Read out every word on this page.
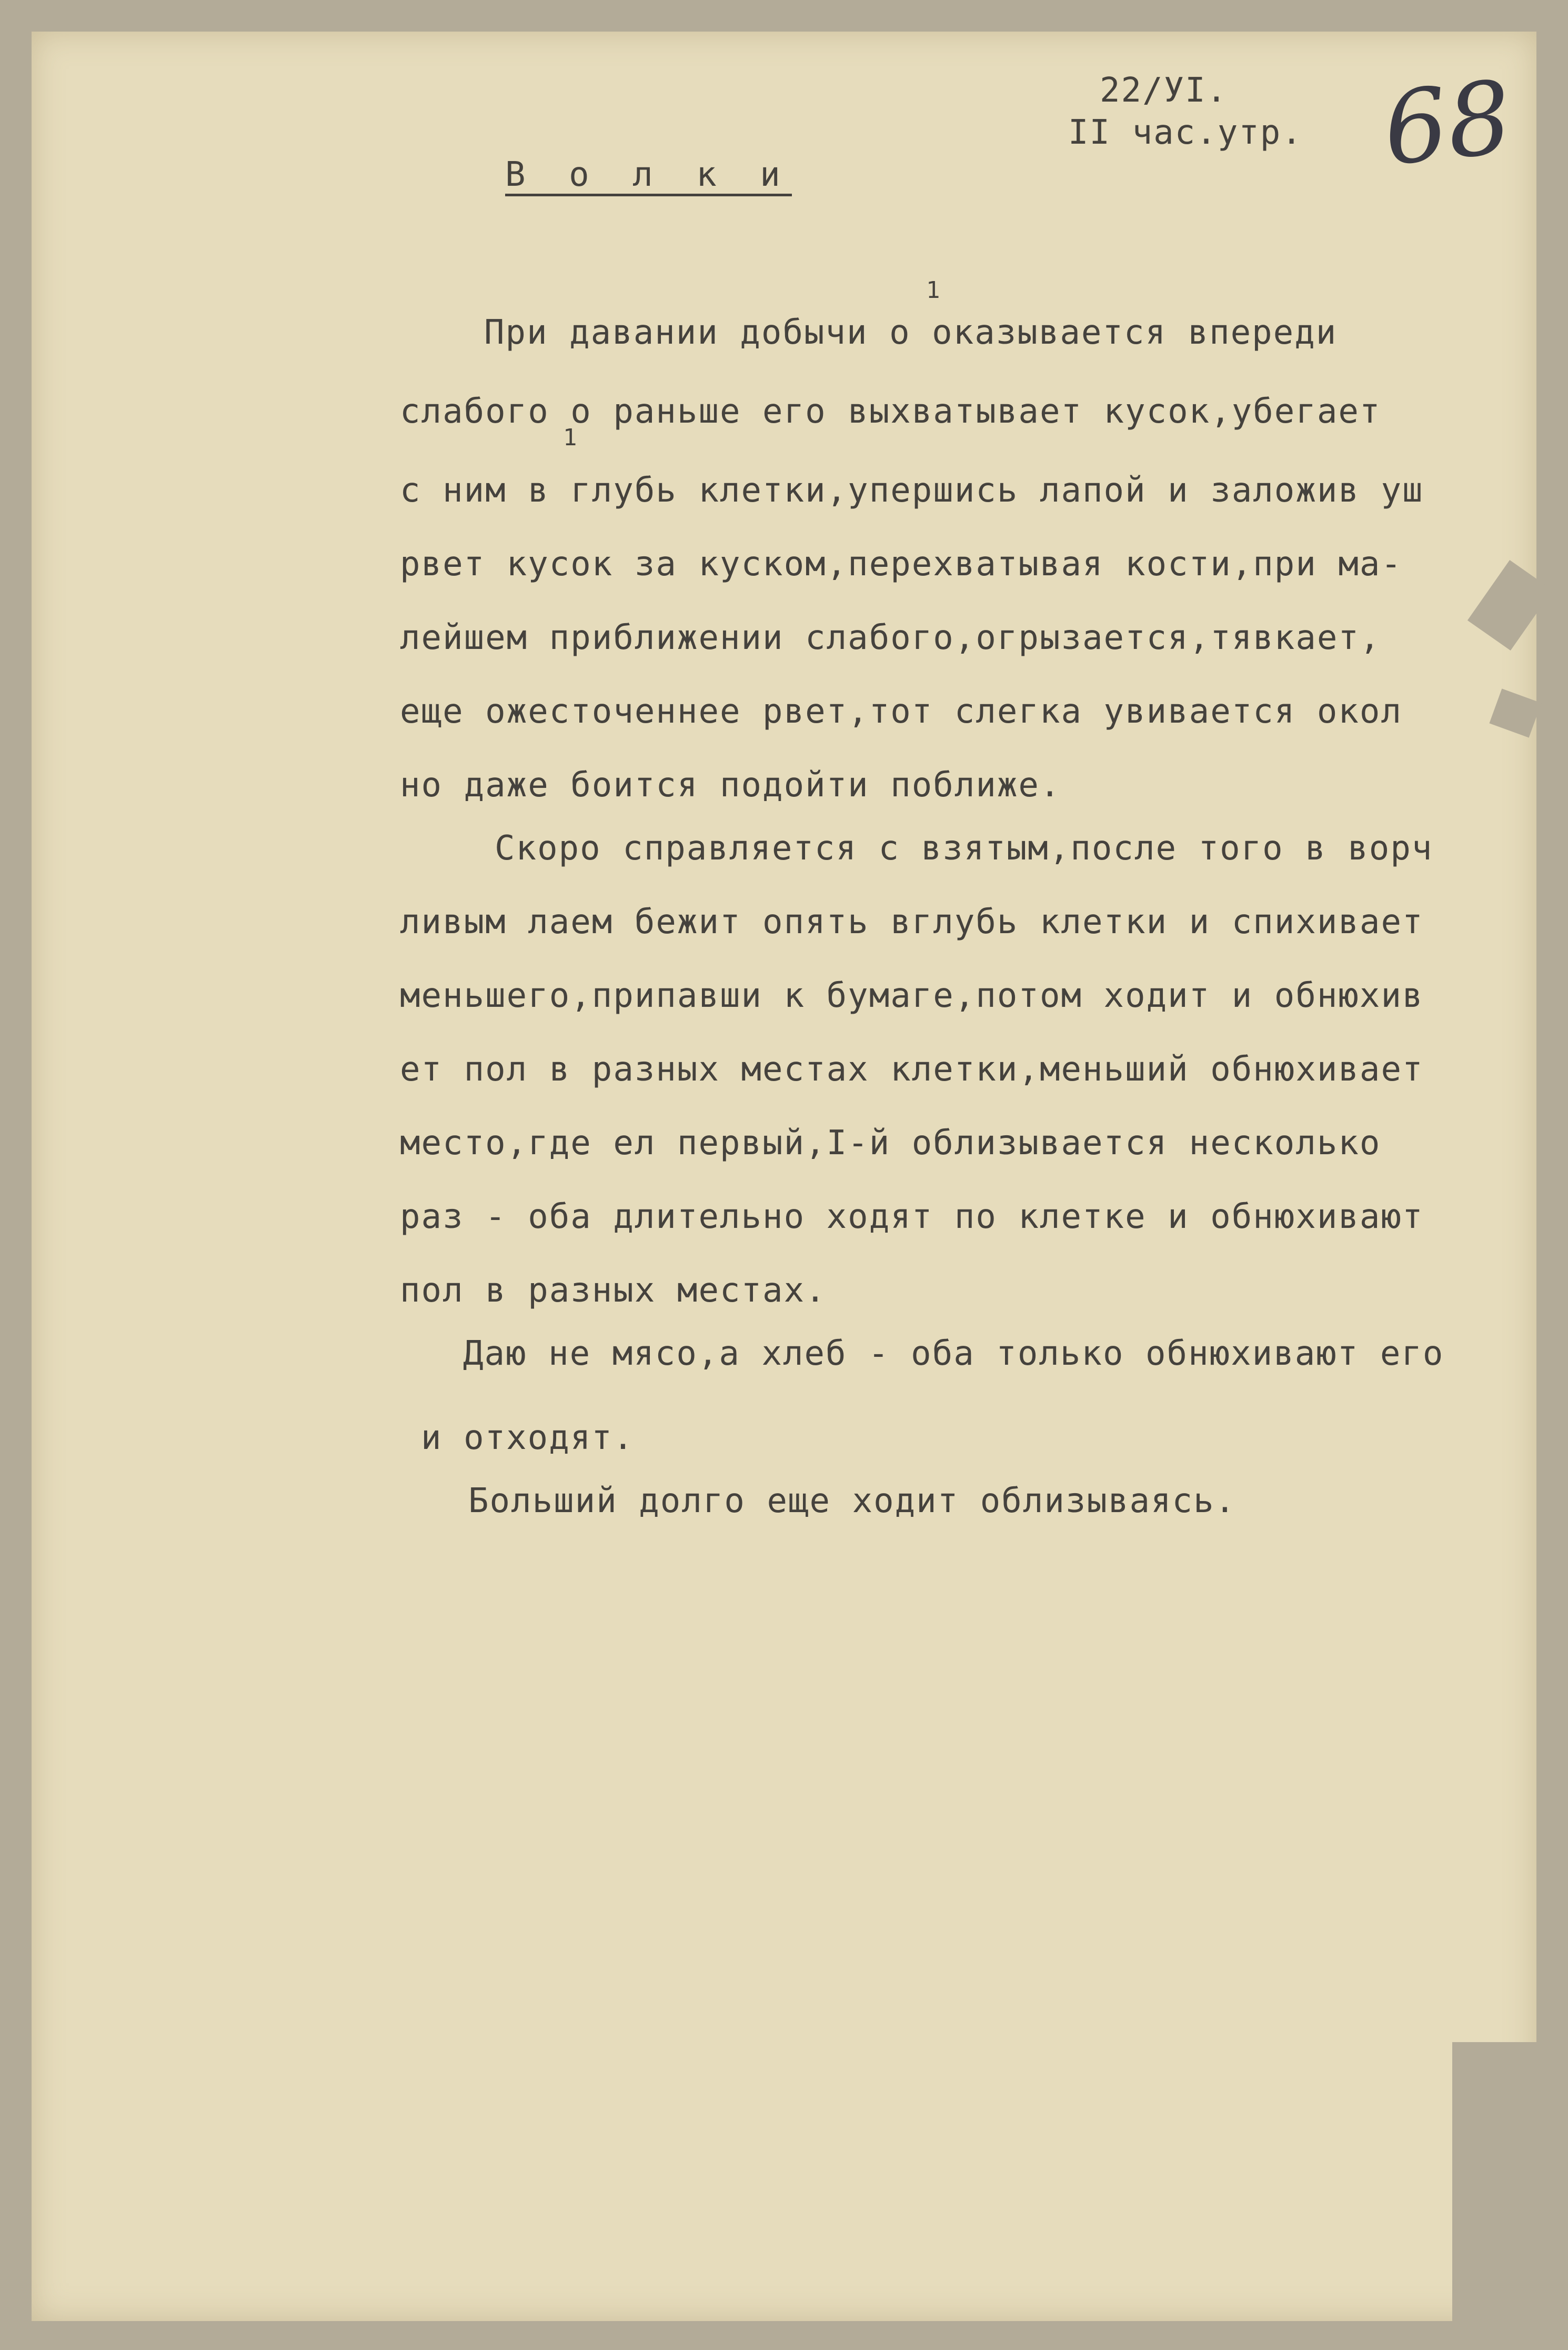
22/УI.
II час.утр. 68
В о л к и
1
1
При давании добычи о оказывается впереди
слабого о раньше его выхватывает кусок,убегает
с ним в глубь клетки,упершись лапой и заложив уш
рвет кусок за куском,перехватывая кости,при ма-
лейшем приближении слабого,огрызается,тявкает,
еще ожесточеннее рвет,тот слегка увивается окол
но даже боится подойти поближе.
Скоро справляется с взятым,после того в ворч
ливым лаем бежит опять вглубь клетки и спихивает
меньшего,припавши к бумаге,потом ходит и обнюхив
ет пол в разных местах клетки,меньший обнюхивает
место,где ел первый,I-й облизывается несколько
раз - оба длительно ходят по клетке и обнюхивают
пол в разных местах.
Даю не мясо,а хлеб - оба только обнюхивают его
и отходят.
Больший долго еще ходит облизываясь.
